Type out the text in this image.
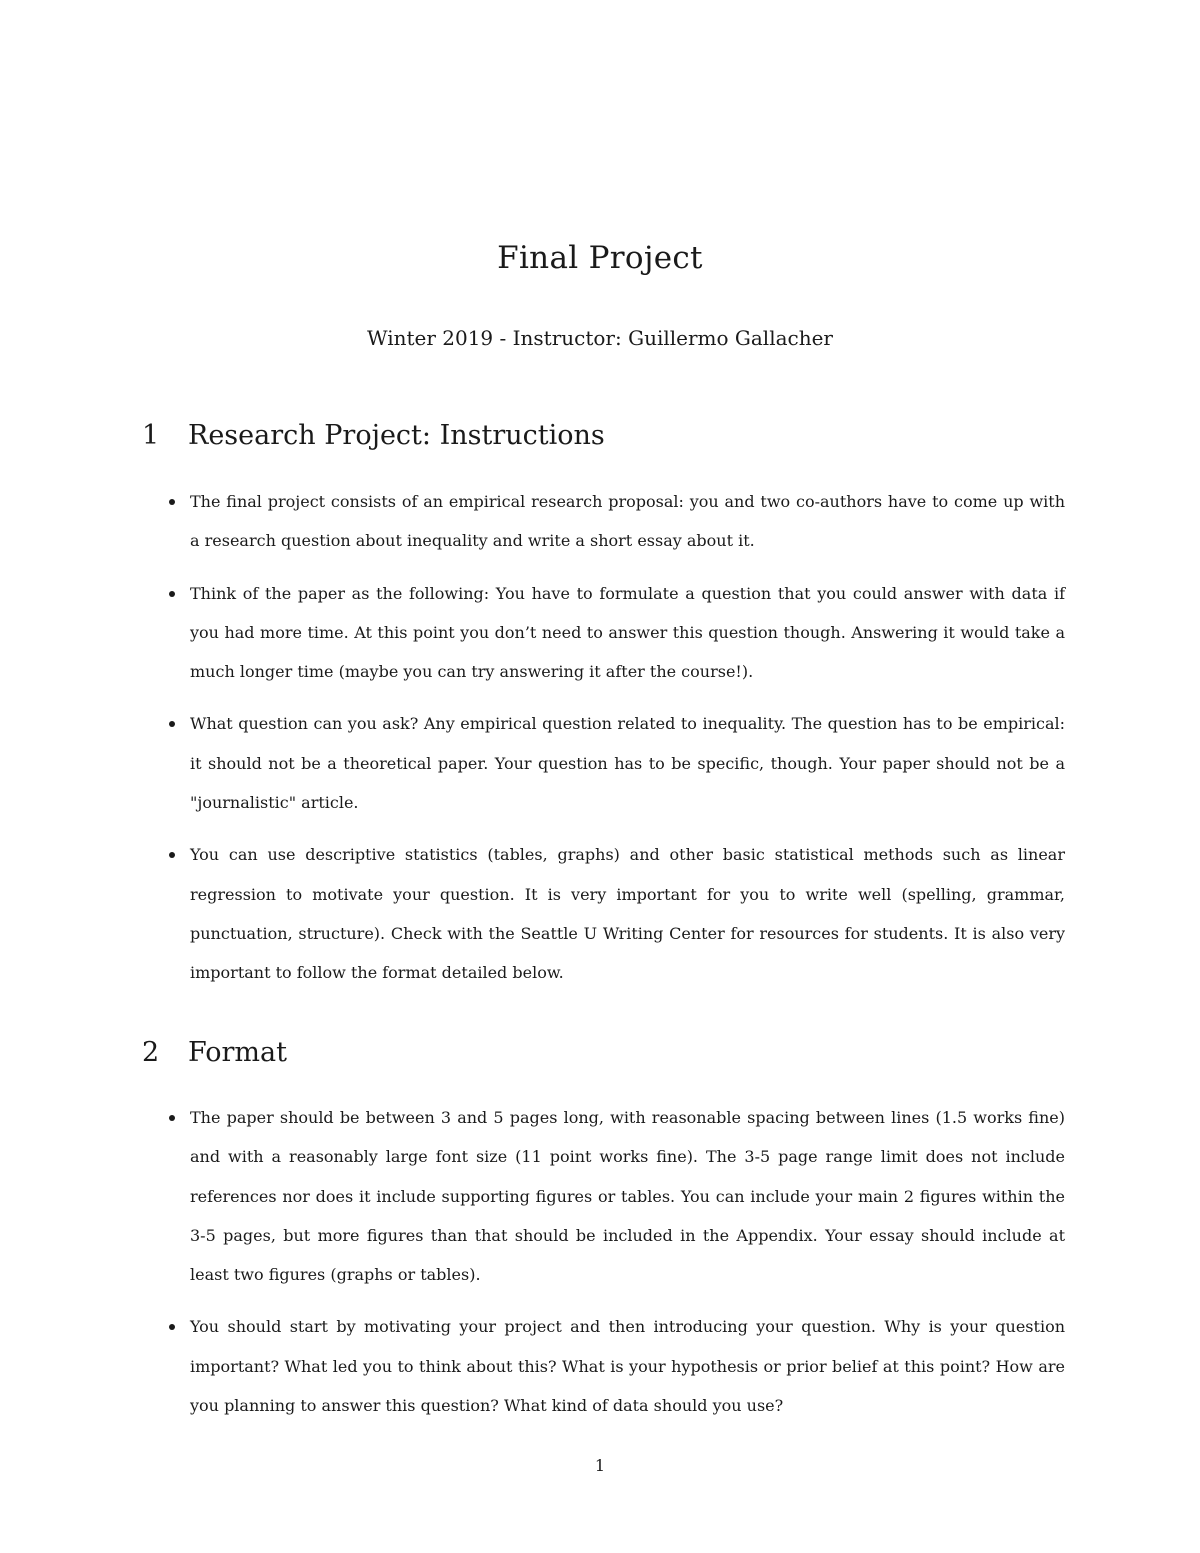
Final Project

Winter 2019 - Instructor: Guillermo Gallacher

1 Research Project: Instructions
The final project consists of an empirical research proposal: you and two co-authors have to come up with a research question about inequality and write a short essay about it.
Think of the paper as the following: You have to formulate a question that you could answer with data if you had more time. At this point you don’t need to answer this question though. Answering it would take a much longer time (maybe you can try answering it after the course!).
What question can you ask? Any empirical question related to inequality. The question has to be empirical: it should not be a theoretical paper. Your question has to be specific, though. Your paper should not be a "journalistic" article.
You can use descriptive statistics (tables, graphs) and other basic statistical methods such as linear regression to motivate your question. It is very important for you to write well (spelling, grammar, punctuation, structure). Check with the Seattle U Writing Center for resources for students. It is also very important to follow the format detailed below.
2 Format
The paper should be between 3 and 5 pages long, with reasonable spacing between lines (1.5 works fine) and with a reasonably large font size (11 point works fine). The 3-5 page range limit does not include references nor does it include supporting figures or tables. You can include your main 2 figures within the 3-5 pages, but more figures than that should be included in the Appendix. Your essay should include at least two figures (graphs or tables).
You should start by motivating your project and then introducing your question. Why is your question important? What led you to think about this? What is your hypothesis or prior belief at this point? How are you planning to answer this question? What kind of data should you use?
1
